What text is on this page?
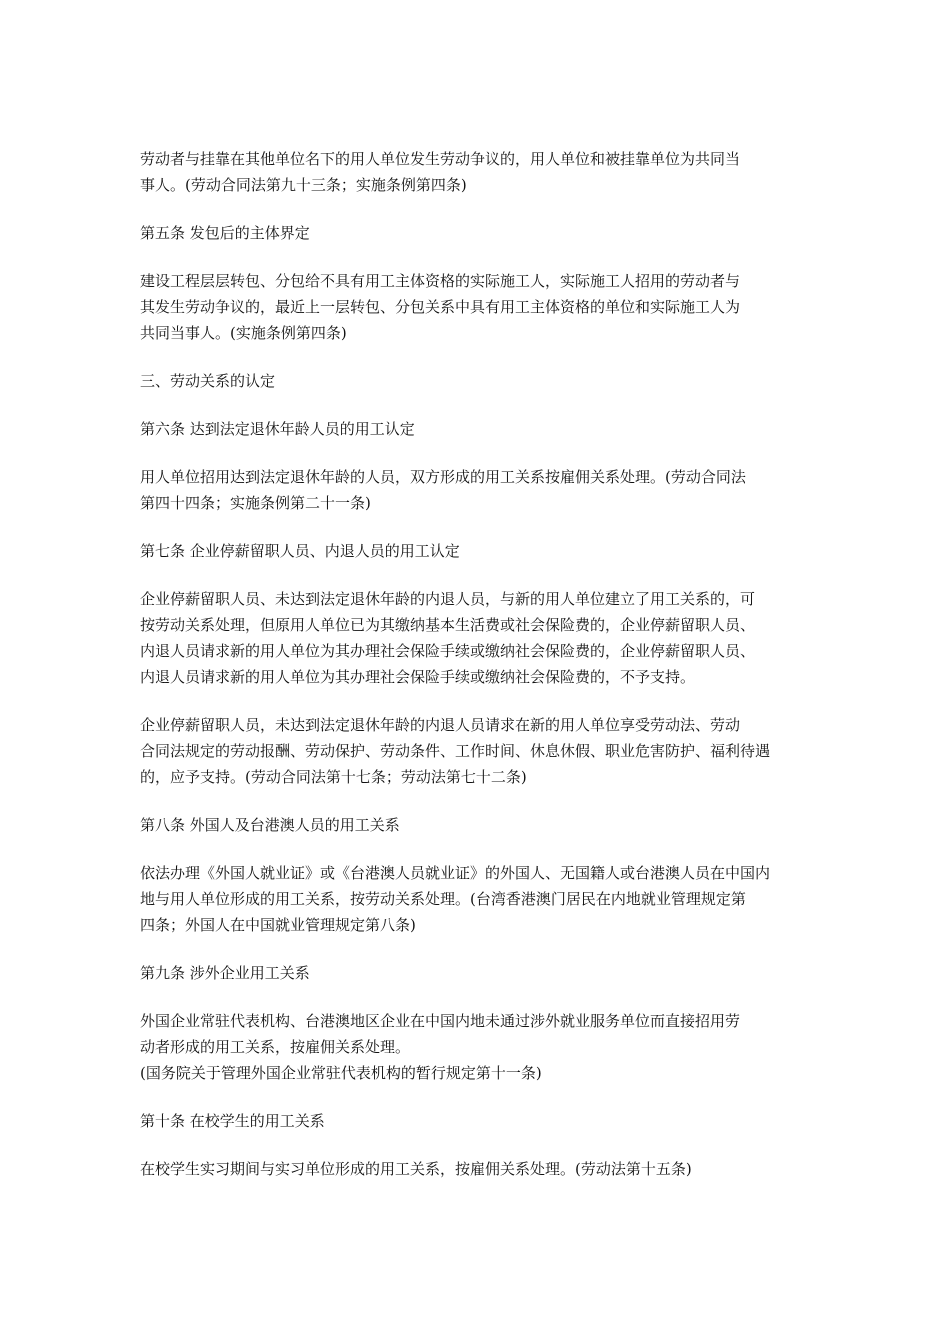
劳动者与挂靠在其他单位名下的用人单位发生劳动争议的，用人单位和被挂靠单位为共同当
事人。(劳动合同法第九十三条；实施条例第四条)

第五条 发包后的主体界定

建设工程层层转包、分包给不具有用工主体资格的实际施工人，实际施工人招用的劳动者与
其发生劳动争议的，最近上一层转包、分包关系中具有用工主体资格的单位和实际施工人为
共同当事人。(实施条例第四条)

三、劳动关系的认定

第六条 达到法定退休年龄人员的用工认定

用人单位招用达到法定退休年龄的人员，双方形成的用工关系按雇佣关系处理。(劳动合同法
第四十四条；实施条例第二十一条)

第七条 企业停薪留职人员、内退人员的用工认定

企业停薪留职人员、未达到法定退休年龄的内退人员，与新的用人单位建立了用工关系的，可
按劳动关系处理，但原用人单位已为其缴纳基本生活费或社会保险费的，企业停薪留职人员、
内退人员请求新的用人单位为其办理社会保险手续或缴纳社会保险费的，企业停薪留职人员、
内退人员请求新的用人单位为其办理社会保险手续或缴纳社会保险费的，不予支持。

企业停薪留职人员，未达到法定退休年龄的内退人员请求在新的用人单位享受劳动法、劳动
合同法规定的劳动报酬、劳动保护、劳动条件、工作时间、休息休假、职业危害防护、福利待遇
的，应予支持。(劳动合同法第十七条；劳动法第七十二条)

第八条 外国人及台港澳人员的用工关系

依法办理《外国人就业证》或《台港澳人员就业证》的外国人、无国籍人或台港澳人员在中国内
地与用人单位形成的用工关系，按劳动关系处理。(台湾香港澳门居民在内地就业管理规定第
四条；外国人在中国就业管理规定第八条)

第九条 涉外企业用工关系

外国企业常驻代表机构、台港澳地区企业在中国内地未通过涉外就业服务单位而直接招用劳
动者形成的用工关系，按雇佣关系处理。
(国务院关于管理外国企业常驻代表机构的暂行规定第十一条)

第十条 在校学生的用工关系

在校学生实习期间与实习单位形成的用工关系，按雇佣关系处理。(劳动法第十五条)
